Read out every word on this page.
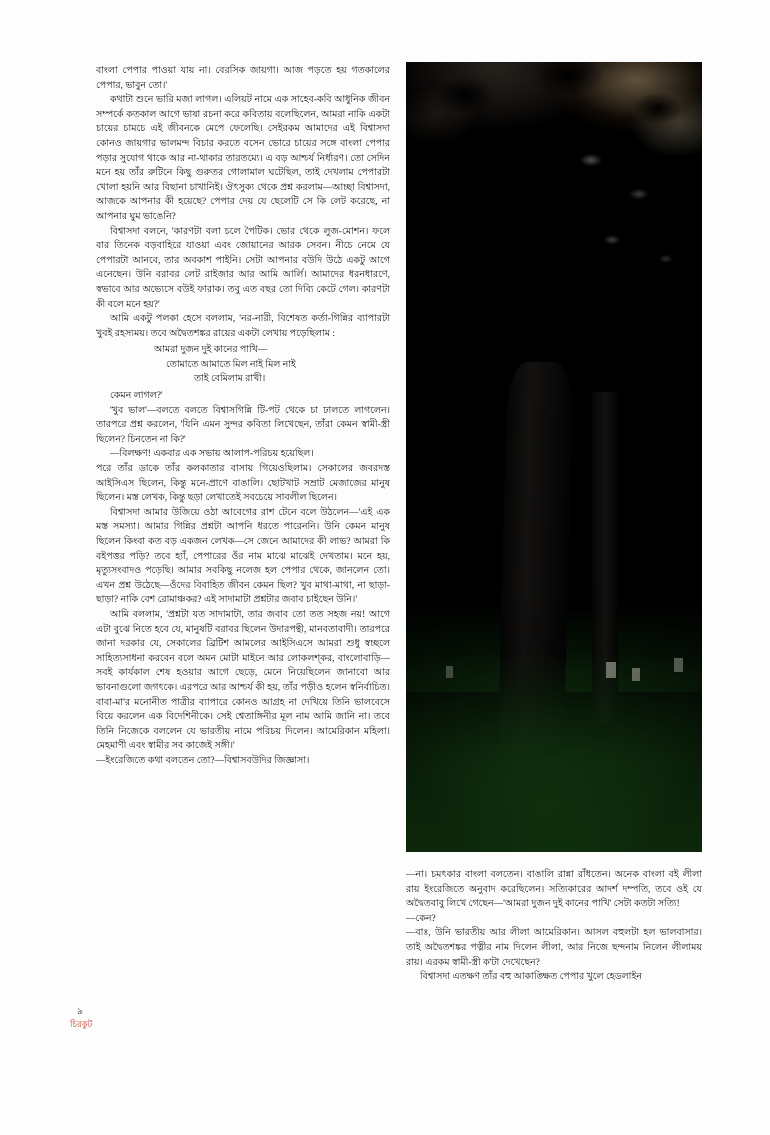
বাংলা পেপার পাওয়া যায় না। বেরসিক জায়গা। আজ পড়তে হয় গতকালের পেপার, ভাবুন তো।'

কথাটা শুনে ভারি মজা লাগল। এলিয়ট নামে এক সাহেব-কবি আধুনিক জীবন সম্পর্কে কতকাল আগে ভাষা রচনা করে কবিতায় বলেছিলেন, আমরা নাকি একটা চায়ের চামচে এই জীবনকে মেপে ফেলেছি। সেইরকম আমাদের এই বিশ্বাসদা কোনও জায়গার ভালমন্দ বিচার করতে বসেন ভোরে চায়ের সঙ্গে বাংলা পেপার পড়ার সুযোগ থাকে আর না-থাকার তারতম্যে। এ বড় আশ্চর্য নির্ধারণ। তো সেদিন মনে হয় তাঁর রুটিনে কিছু গুরুতর গোলামাল ঘটেছিল, তাই দেখলাম পেপারটা খোলা হয়নি আর বিছানা চাখানিই। ঔৎসুক্য থেকে প্রশ্ন করলাম—আচ্ছা বিশ্বাসদা, আজকে আপনার কী হয়েছে? পেপার দেয় যে ছেলেটি সে কি লেট করেছে, না আপনার ঘুম ভাঙেনি?

বিশ্বাসদা বলনে, 'কারণটা বলা চলে পৈটিক। ভোর থেকে লুজ-মোশন। ফলে বার তিনেক বড়বাহিরে যাওয়া এবং জোয়ানের আরক সেবন। নীচে নেমে যে পেপারটা আনবে, তার অবকাশ পাইনি। সেটা আপনার বউদি উঠে একটু আগে এনেছেন। উনি বরাবর লেট রাইজার আর আমি আর্লি। আমাদের ধরনধারণে, স্বভাবে আর অভ্যেসে বউই ফারাক। তবু এত বছর তো দিব্যি কেটে গেল। কারণটা কী বলে মনে হয়?'

আমি একটু পলকা হেসে বললাম, 'নর-নারী, বিশেষত কর্তা-গিন্নির ব্যাপারটা খুবই রহস্যময়। তবে অদ্বৈতশঙ্কর রায়ের একটা লেখায় পড়েছিলাম :

আমরা দুজন দুই কানের পাখি—
তোমাতে আমাতে মিল নাই মিল নাই
তাই বেমিলাম রাখী।

কেমন লাগল?'

'খুব ভাল'—বলতে বলতে বিশ্বাসগিন্নি টি-পট থেকে চা ঢালতে লাগলেন। তারপরে প্রশ্ন করলেন, 'যিনি এমন সুন্দর কবিতা লিখেছেন, তাঁরা কেমন স্বামী-স্ত্রী ছিলেন? চিনতেন না কি?'

—বিলক্ষণ! একবার এক সভায় আলাপ-পরিচয় হয়েছিল।

পরে তাঁর ডাকে তাঁর কলকাতার বাসায় গিয়েওছিলাম। সেকালের জবরদস্ত আইসিএস ছিলেন, কিন্তু মনে-প্রাণে বাঙালি। ছোটখাট সম্রাট মেজাজের মানুষ ছিলেন। মস্ত লেখক, কিন্তু ছড়া লেখাতেই সবচেয়ে সাবলীল ছিলেন।

বিশ্বাসদা আমার উজিয়ে ওঠা আবেগের রাশ টেনে বলে উঠলেন—'এই এক মস্ত সমস্যা। আমার গিন্নির প্রশ্নটা আপনি ধরতে পারেননি। উনি কেমন মানুষ ছিলেন কিংবা কত বড় একজন লেখক—সে জেনে আমাদের কী লাভ? আমরা কি বইপত্তর পড়ি? তবে হ্যাঁ, পেপারের ওঁর নাম মাঝে মাঝেই দেখতাম। মনে হয়, মৃত্যুসংবাদও পড়েছি। আমার সবকিছু নলেজ হল পেপার থেকে, জানলেন তো। এখন প্রশ্ন উঠেছে—ওঁদের বিবাহিত জীবন কেমন ছিল? খুব মাথা-মাথা, না ছাড়া-ছাড়া? নাকি বেশ রোমাঞ্চকর? এই সাদামাটা প্রশ্নটার জবাব চাইছেন উনি।'

আমি বললাম, 'প্রশ্নটা যত সাদামাটা, তার জবাব তো তত সহজ নয়! আগে এটা বুঝে নিতে হবে যে, মানুষটি বরাবর ছিলেন উদারপন্থী, মানবতাবাদী। তারপরে জানা দরকার যে, সেকালের ব্রিটিশ আমলের আইসিএসে আমরা শুধু স্বচ্ছলে সাহিত্যসাধনা করবেন বলে অমন মোটা মাইনে আর লোকলশ্কর, বাংলোবাড়ি—সবই কার্যকাল শেষ হওয়ার আগে ছেড়ে, মেনে নিয়েছিলেন জানাবো আর ভাবনাগুলো জগৎকে। এরপরে আর আশ্চর্য কী হয়, তাঁর পড়ীও হলেন স্বনির্বাচিত। বাবা-মা'র মনোনীত পাত্রীর ব্যাপারে কোনও আগ্রহ না দেখিয়ে তিনি ভালবেসে বিয়ে করলেন এক বিদেশিনীকে। সেই শ্বেতাঙ্গিনীর মূল নাম আমি জানি না। তবে তিনি নিজেকে বললেন যে ভারতীয় নামে পরিচয় দিলেন। আমেরিকান মহিলা। মেহমাণী এবং স্বামীর সব কাজেই সঙ্গী।'

—ইংরেজিতে কথা বলতেন তো?—বিশ্বাসবউদির জিজ্ঞাসা।

—না। চমৎকার বাংলা বলতেন। বাঙালি রান্না রাঁধতেন। অনেক বাংলা বই লীলা রায় ইংরেজিতে অনুবাদ করেছিলেন। সত্যিকারের আদর্শ দম্পতি, তবে ওই যে অদ্বৈতবাবু লিখে গেছেন—'আমরা দুজন দুই কানের পাখি' সেটা কতটা সত্যি!

—কেন?

—বাঃ, উনি ভারতীয় আর লীলা আমেরিকান। আসল বহুলটা হল ভালবাসার। তাই অদ্বৈতশঙ্কর পত্নীর নাম দিলেন লীলা, আর নিজে ছন্দনাম নিলেন লীলাময় রায়। এরকম স্বামী-স্ত্রী ক'টা দেখেছেন?

বিশ্বাসদা এতক্ষণ তাঁর বহু আকাঙ্ক্ষিত পেপার খুলে হেডলাইন

৯
চিরকুট
